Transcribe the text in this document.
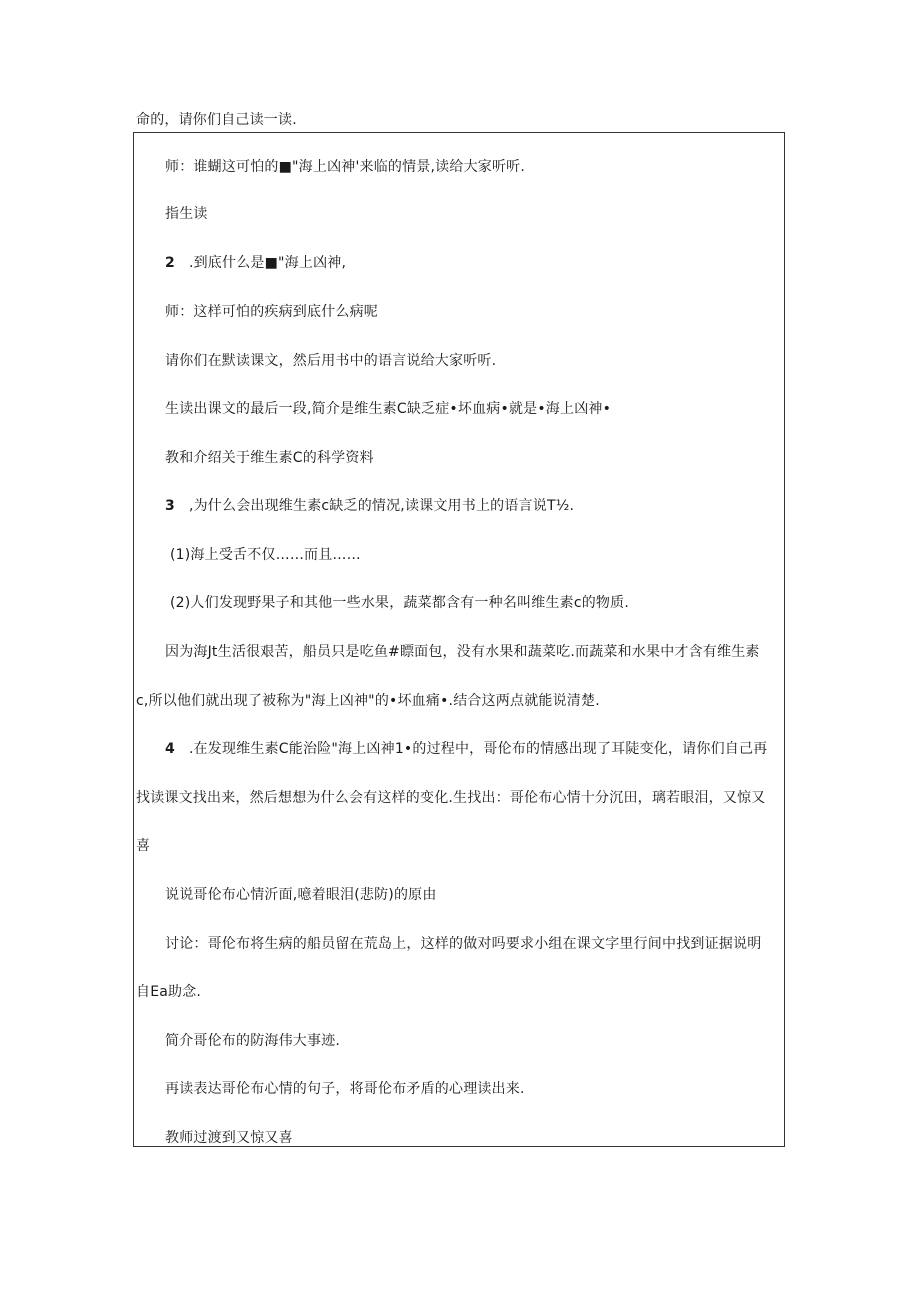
命的，请你们自己读一读.
师：谁蝴这可怕的■"海上凶神'来临的情景,读给大家听听.
指生读
2 .到底什么是■"海上凶神,
师：这样可怕的疾病到底什么病呢
请你们在默读课文，然后用书中的语言说给大家听听.
生读出课文的最后一段,简介是维生素C缺乏症•坏血病•就是•海上凶神•
教和介绍关于维生素C的科学资料
3 ,为什么会出现维生素c缺乏的情况,读课文用书上的语言说T½.
(1)海上受舌不仅……而且……
(2)人们发现野果子和其他一些水果，蔬菜都含有一种名叫维生素c的物质.
因为海Jt生活很艰苦，船员只是吃鱼#瞟面包，没有水果和蔬菜吃.而蔬菜和水果中才含有维生素
c,所以他们就出现了被称为"海上凶神"的•坏血痛•.结合这两点就能说清楚.
4 .在发现维生素C能治险"海上凶神1•的过程中，哥伦布的情感出现了耳陡变化，请你们自己再
找读课文找出来，然后想想为什么会有这样的变化.生找出：哥伦布心情十分沉田，璃若眼泪，又惊又
喜
说说哥伦布心情沂面,噫着眼泪(悲防)的原由
讨论：哥伦布将生病的船员留在荒岛上，这样的做对吗要求小组在课文字里行间中找到证据说明
自Ea助念.
简介哥伦布的防海伟大事迹.
再读表达哥伦布心情的句子，将哥伦布矛盾的心理读出来.
教师过渡到又惊又喜
